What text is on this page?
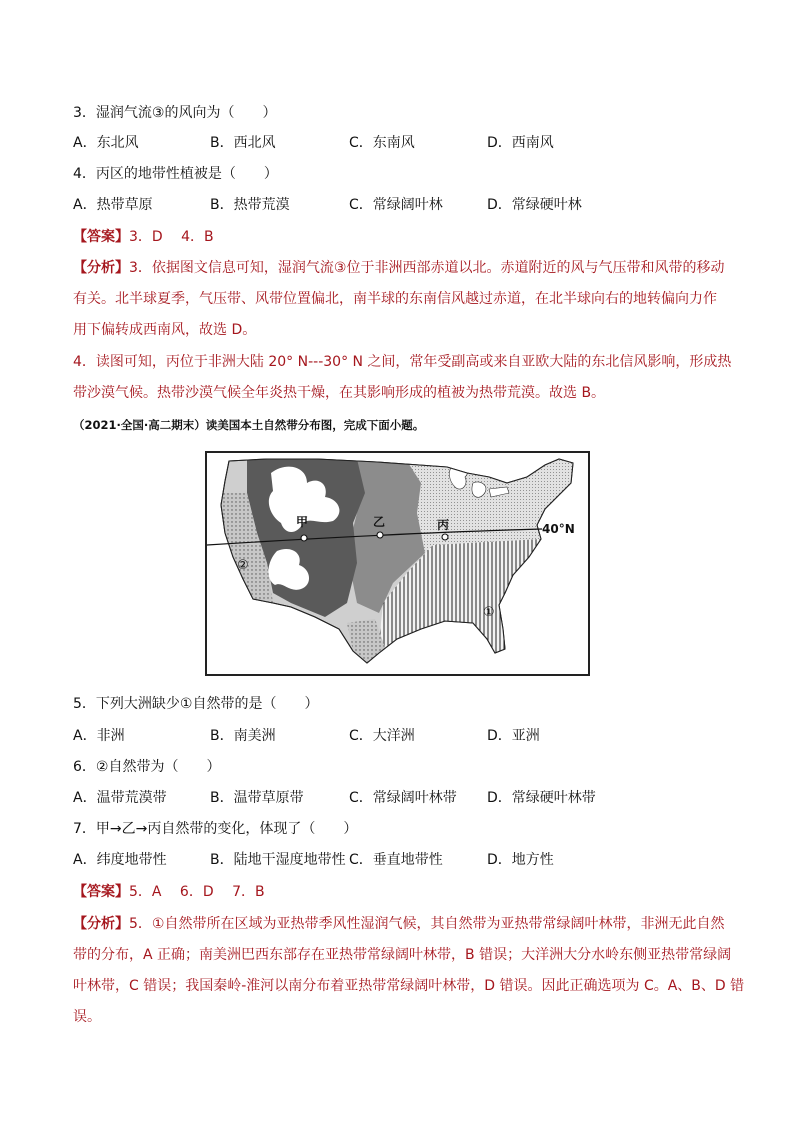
3．湿润气流③的风向为（　　）
A．东北风	B．西北风	C．东南风	D．西南风
4．丙区的地带性植被是（　　）
A．热带草原	B．热带荒漠	C．常绿阔叶林	D．常绿硬叶林
【答案】3．D　 4．B
【分析】3．依据图文信息可知，湿润气流③位于非洲西部赤道以北。赤道附近的风与气压带和风带的移动
有关。北半球夏季，气压带、风带位置偏北，南半球的东南信风越过赤道，在北半球向右的地转偏向力作
用下偏转成西南风，故选 D。
4．读图可知，丙位于非洲大陆 20° N---30° N 之间，常年受副高或来自亚欧大陆的东北信风影响，形成热
带沙漠气候。热带沙漠气候全年炎热干燥，在其影响形成的植被为热带荒漠。故选 B。
（2021·全国·高二期末）读美国本土自然带分布图，完成下面小题。
甲	乙	丙	40°N
①
②
5．下列大洲缺少①自然带的是（　　）
A．非洲	B．南美洲	C．大洋洲	D．亚洲
6．②自然带为（　　）
A．温带荒漠带	B．温带草原带	C．常绿阔叶林带 D．常绿硬叶林带
7．甲→乙→丙自然带的变化，体现了（　　）
A．纬度地带性	B．陆地干湿度地带性 C．垂直地带性	D．地方性
【答案】5．A　 6．D　 7．B
【分析】5．①自然带所在区域为亚热带季风性湿润气候，其自然带为亚热带常绿阔叶林带，非洲无此自然
带的分布，A 正确；南美洲巴西东部存在亚热带常绿阔叶林带，B 错误；大洋洲大分水岭东侧亚热带常绿阔
叶林带，C 错误；我国秦岭-淮河以南分布着亚热带常绿阔叶林带，D 错误。因此正确选项为 C。A、B、D 错
误。
